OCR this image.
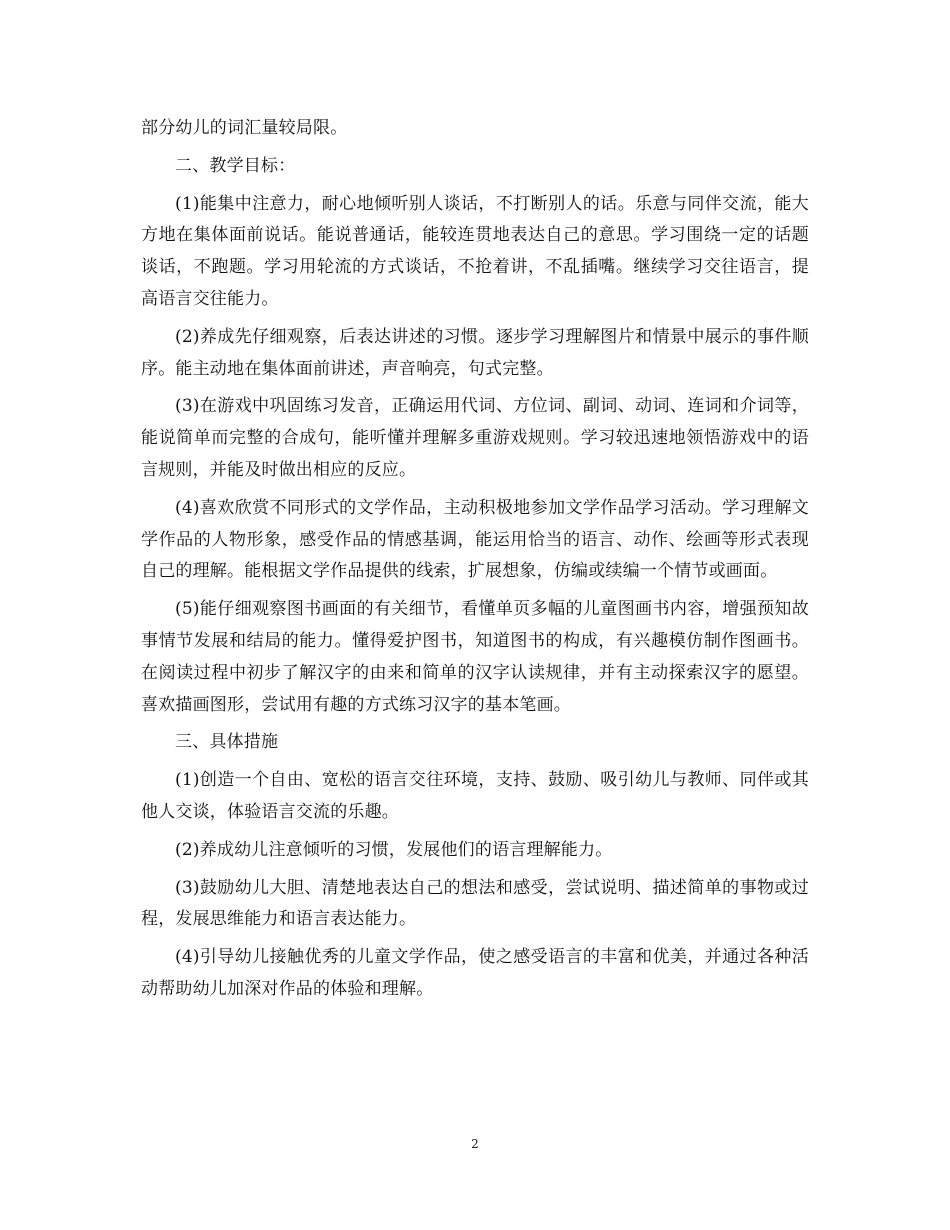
部分幼儿的词汇量较局限。

二、教学目标：

(1)能集中注意力，耐心地倾听别人谈话，不打断别人的话。乐意与同伴交流，能大方地在集体面前说话。能说普通话，能较连贯地表达自己的意思。学习围绕一定的话题谈话，不跑题。学习用轮流的方式谈话，不抢着讲，不乱插嘴。继续学习交往语言，提高语言交往能力。

(2)养成先仔细观察，后表达讲述的习惯。逐步学习理解图片和情景中展示的事件顺序。能主动地在集体面前讲述，声音响亮，句式完整。

(3)在游戏中巩固练习发音，正确运用代词、方位词、副词、动词、连词和介词等，能说简单而完整的合成句，能听懂并理解多重游戏规则。学习较迅速地领悟游戏中的语言规则，并能及时做出相应的反应。

(4)喜欢欣赏不同形式的文学作品，主动积极地参加文学作品学习活动。学习理解文学作品的人物形象，感受作品的情感基调，能运用恰当的语言、动作、绘画等形式表现自己的理解。能根据文学作品提供的线索，扩展想象，仿编或续编一个情节或画面。

(5)能仔细观察图书画面的有关细节，看懂单页多幅的儿童图画书内容，增强预知故事情节发展和结局的能力。懂得爱护图书，知道图书的构成，有兴趣模仿制作图画书。在阅读过程中初步了解汉字的由来和简单的汉字认读规律，并有主动探索汉字的愿望。喜欢描画图形，尝试用有趣的方式练习汉字的基本笔画。

三、具体措施

(1)创造一个自由、宽松的语言交往环境，支持、鼓励、吸引幼儿与教师、同伴或其他人交谈，体验语言交流的乐趣。

(2)养成幼儿注意倾听的习惯，发展他们的语言理解能力。

(3)鼓励幼儿大胆、清楚地表达自己的想法和感受，尝试说明、描述简单的事物或过程，发展思维能力和语言表达能力。

(4)引导幼儿接触优秀的儿童文学作品，使之感受语言的丰富和优美，并通过各种活动帮助幼儿加深对作品的体验和理解。

2
